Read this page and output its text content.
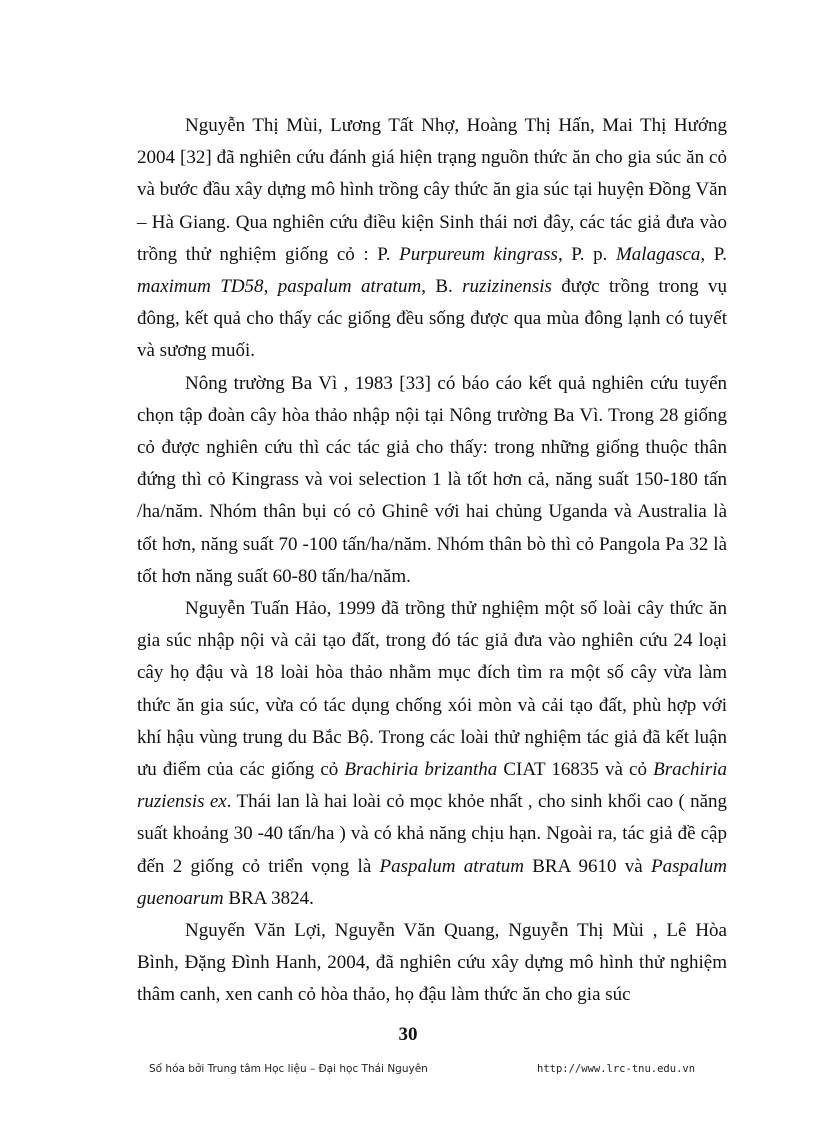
Nguyễn Thị Mùi, Lương Tất Nhợ, Hoàng Thị Hấn, Mai Thị Hướng 2004 [32] đã nghiên cứu đánh giá hiện trạng nguồn thức ăn cho gia súc ăn cỏ và bước đầu xây dựng mô hình trồng cây thức ăn gia súc tại huyện Đồng Văn – Hà Giang. Qua nghiên cứu điều kiện Sinh thái nơi đây, các tác giả đưa vào trồng thử nghiệm giống cỏ : P. Purpureum kingrass, P. p. Malagasca, P. maximum TD58, paspalum atratum, B. ruzizinensis được trồng trong vụ đông, kết quả cho thấy các giống đều sống được qua mùa đông lạnh có tuyết và sương muối.

Nông trường Ba Vì , 1983 [33] có báo cáo kết quả nghiên cứu tuyển chọn tập đoàn cây hòa thảo nhập nội tại Nông trường Ba Vì. Trong 28 giống cỏ được nghiên cứu thì các tác giả cho thấy: trong những giống thuộc thân đứng thì cỏ Kingrass và voi selection 1 là tốt hơn cả, năng suất 150-180 tấn /ha/năm. Nhóm thân bụi có cỏ Ghinê với hai chủng Uganda và Australia là tốt hơn, năng suất 70 -100 tấn/ha/năm. Nhóm thân bò thì cỏ Pangola Pa 32 là tốt hơn năng suất 60-80 tấn/ha/năm.

Nguyễn Tuấn Hảo, 1999 đã trồng thử nghiệm một số loài cây thức ăn gia súc nhập nội và cải tạo đất, trong đó tác giả đưa vào nghiên cứu 24 loại cây họ đậu và 18 loài hòa thảo nhằm mục đích tìm ra một số cây vừa làm thức ăn gia súc, vừa có tác dụng chống xói mòn và cải tạo đất, phù hợp với khí hậu vùng trung du Bắc Bộ. Trong các loài thử nghiệm tác giả đã kết luận ưu điểm của các giống cỏ Brachiria brizantha CIAT 16835 và cỏ Brachiria ruziensis ex. Thái lan là hai loài cỏ mọc khỏe nhất , cho sinh khối cao ( năng suất khoảng 30 -40 tấn/ha ) và có khả năng chịu hạn. Ngoài ra, tác giả đề cập đến 2 giống cỏ triển vọng là Paspalum atratum BRA 9610 và Paspalum guenoarum BRA 3824.

Nguyến Văn Lợi, Nguyễn Văn Quang, Nguyễn Thị Mùi , Lê Hòa Bình, Đặng Đình Hanh, 2004, đã nghiên cứu xây dựng mô hình thử nghiệm thâm canh, xen canh cỏ hòa thảo, họ đậu làm thức ăn cho gia súc

30
Số hóa bởi Trung tâm Học liệu – Đại học Thái Nguyên	http://www.lrc-tnu.edu.vn
